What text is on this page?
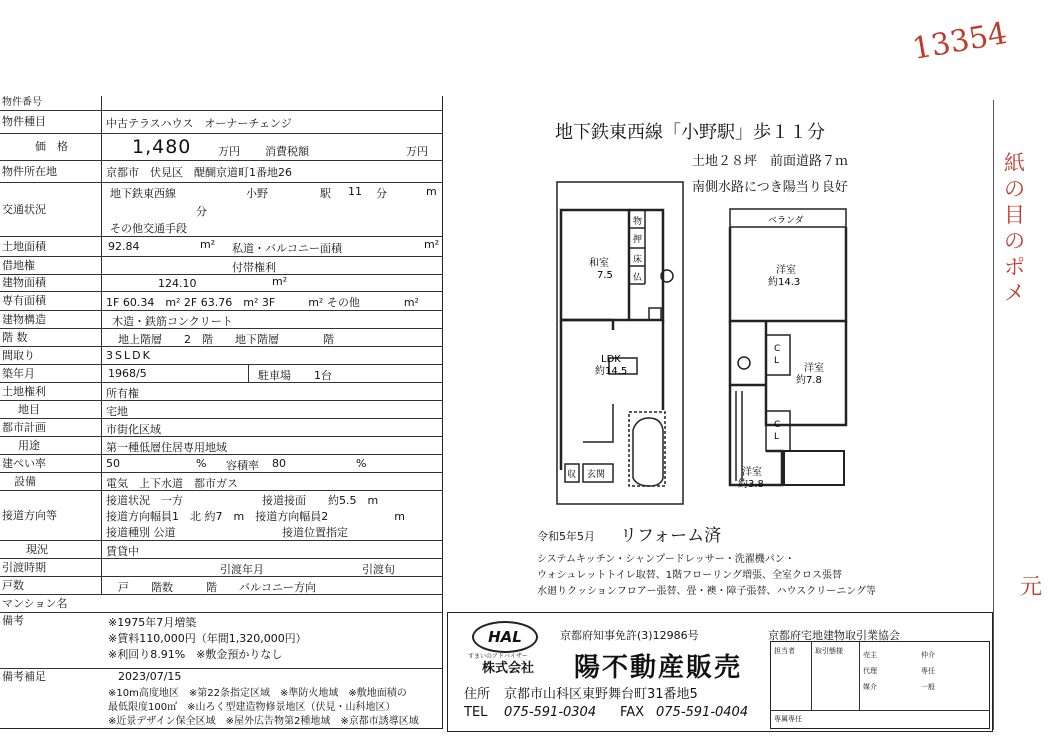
13354
紙
の
目
の
ポ
メ
元
物件番号
物件種目	中古テラスハウス　オーナーチェンジ
価　格	1,480 万円 消費税額	万円
物件所在地	京都市　伏見区　醍醐京道町1番地26
交通状況
地下鉄東西線	小野	駅 11 分	m
分
その他交通手段
土地面積	92.84	m² 私道・バルコニー面積	m²
借地権	付帯権利
建物面積	124.10	m²
専有面積	1F 60.34　m² 2F 63.76　m² 3F　　　m² その他　　　　m²
建物構造	木造・鉄筋コンクリート
階 数	地上階層　　2　階　　地下階層　　　　階
間取り	3SLDK
築年月	1968/5	駐車場 1台
土地権利	所有権
地目	宅地
都市計画	市街化区域
用途	第一種低層住居専用地域
建ぺい率	50	% 容積率 80	%
設備	電気　上下水道　都市ガス
接道方向等
接道状況　一方	接道接面　　約5.5　m
接道方向幅員1　北 約7　m　接道方向幅員2　　　　　　m
接道種別 公道	接道位置指定
現況	賃貸中
引渡時期	引渡年月	引渡旬
戸数	戸　　階数　　　階　　バルコニー方向
マンション名
備考	※1975年7月増築
※賃料110,000円（年間1,320,000円）
※利回り8.91%　※敷金預かりなし
備考補足	2023/07/15
※10m高度地区　※第22条指定区域　※準防火地域　※敷地面積の
最低限度100㎡　※山ろく型建造物修景地区（伏見・山科地区）
※近景デザイン保全区域　※屋外広告物第2種地域　※京都市誘導区域
地下鉄東西線「小野駅」歩１１分
土地２８坪　前面道路７ｍ
南側水路につき陽当り良好
和室
7.5
物
押
床
仏
LDK
約14.5
収 玄関
ベランダ
洋室
約14.3
C
L
C
L
洋室
約7.8
洋室
約3.8
令和5年5月 リフォーム済
システムキッチン・シャンプードレッサー・洗濯機パン・
ウォシュレットトイレ取替、1階フローリング増張、全室クロス張替
水廻りクッションフロアー張替、畳・襖・障子張替、ハウスクリーニング等
HAL
すまいのアドバイザー
京都府知事免許(3)12986号	京都府宅地建物取引業協会
株式会社 陽不動産販売
住所 京都市山科区東野舞台町31番地5
TEL 075-591-0304 FAX 075-591-0404
担当者	取引態様	売主
代理
媒介
仲介
専任
一般
専属専任
